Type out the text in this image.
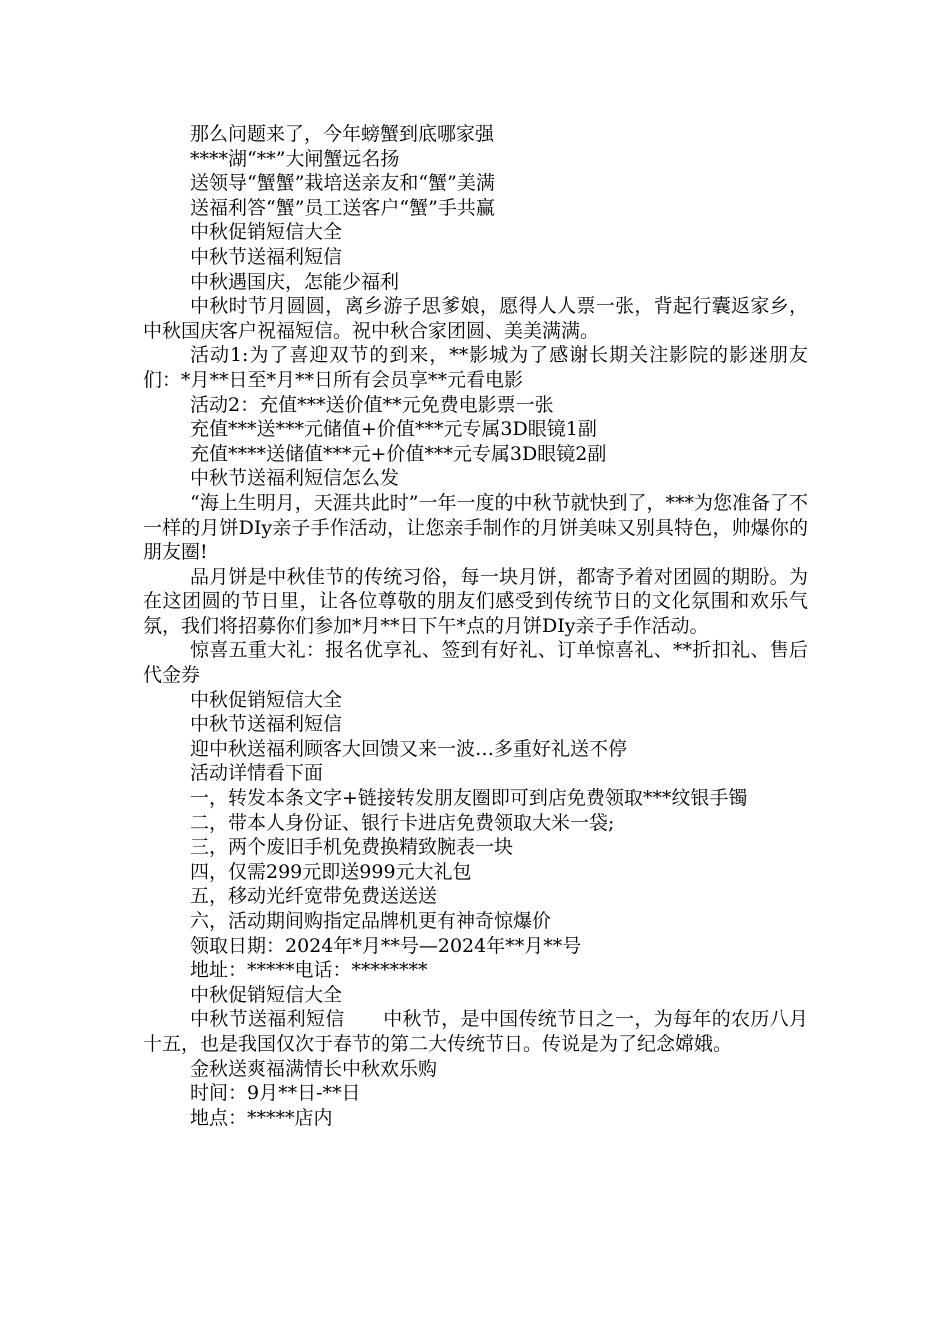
那么问题来了，今年螃蟹到底哪家强

****湖“**”大闸蟹远名扬

送领导“蟹蟹”栽培送亲友和“蟹”美满

送福利答“蟹”员工送客户“蟹”手共赢

中秋促销短信大全

中秋节送福利短信

中秋遇国庆，怎能少福利

中秋时节月圆圆，离乡游子思爹娘，愿得人人票一张，背起行囊返家乡，中秋国庆客户祝福短信。祝中秋合家团圆、美美满满。

活动1:为了喜迎双节的到来，**影城为了感谢长期关注影院的影迷朋友们：*月**日至*月**日所有会员享**元看电影

活动2：充值***送价值**元免费电影票一张

充值***送***元储值+价值***元专属3D眼镜1副

充值****送储值***元+价值***元专属3D眼镜2副

中秋节送福利短信怎么发

“海上生明月，天涯共此时”一年一度的中秋节就快到了，***为您准备了不一样的月饼DIy亲子手作活动，让您亲手制作的月饼美味又别具特色，帅爆你的朋友圈!

品月饼是中秋佳节的传统习俗，每一块月饼，都寄予着对团圆的期盼。为在这团圆的节日里，让各位尊敬的朋友们感受到传统节日的文化氛围和欢乐气氛，我们将招募你们参加*月**日下午*点的月饼DIy亲子手作活动。

惊喜五重大礼：报名优享礼、签到有好礼、订单惊喜礼、**折扣礼、售后代金券

中秋促销短信大全

中秋节送福利短信

迎中秋送福利顾客大回馈又来一波…多重好礼送不停

活动详情看下面

一，转发本条文字+链接转发朋友圈即可到店免费领取***纹银手镯

二，带本人身份证、银行卡进店免费领取大米一袋;

三，两个废旧手机免费换精致腕表一块

四，仅需299元即送999元大礼包

五，移动光纤宽带免费送送送

六，活动期间购指定品牌机更有神奇惊爆价

领取日期：2024年*月**号—2024年**月**号

地址：*****电话：********

中秋促销短信大全

中秋节送福利短信　　中秋节，是中国传统节日之一，为每年的农历八月十五，也是我国仅次于春节的第二大传统节日。传说是为了纪念嫦娥。

金秋送爽福满情长中秋欢乐购

时间：9月**日-**日

地点：*****店内
